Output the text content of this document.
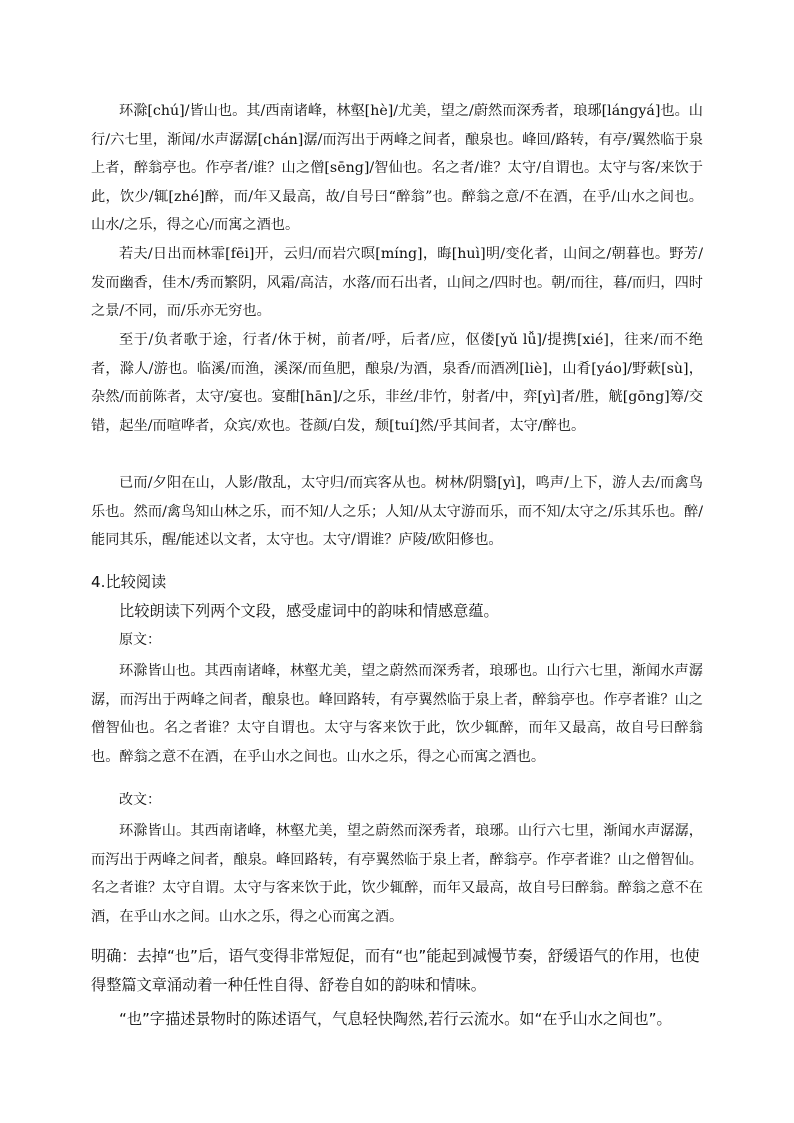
环滁[chú]/皆山也。其/西南诸峰，林壑[hè]/尤美，望之/蔚然而深秀者，琅琊[lángyá]也。山行/六七里，渐闻/水声潺潺[chán]潺/而泻出于两峰之间者，酿泉也。峰回/路转，有亭/翼然临于泉上者，醉翁亭也。作亭者/谁？山之僧[sēng]/智仙也。名之者/谁？太守/自谓也。太守与客/来饮于此，饮少/辄[zhé]醉，而/年又最高，故/自号曰“醉翁”也。醉翁之意/不在酒，在乎/山水之间也。山水/之乐，得之心/而寓之酒也。

若夫/日出而林霏[fēi]开，云归/而岩穴暝[míng]，晦[huì]明/变化者，山间之/朝暮也。野芳/发而幽香，佳木/秀而繁阴，风霜/高洁，水落/而石出者，山间之/四时也。朝/而往，暮/而归，四时之景/不同，而/乐亦无穷也。

至于/负者歌于途，行者/休于树，前者/呼，后者/应，伛偻[yǔ lǚ]/提携[xié]，往来/而不绝者，滁人/游也。临溪/而渔，溪深/而鱼肥，酿泉/为酒，泉香/而酒冽[liè]，山肴[yáo]/野蔌[sù]，杂然/而前陈者，太守/宴也。宴酣[hān]/之乐，非丝/非竹，射者/中，弈[yì]者/胜，觥[gōng]筹/交错，起坐/而喧哗者，众宾/欢也。苍颜/白发，颓[tuí]然/乎其间者，太守/醉也。

已而/夕阳在山，人影/散乱，太守归/而宾客从也。树林/阴翳[yì]，鸣声/上下，游人去/而禽鸟乐也。然而/禽鸟知山林之乐，而不知/人之乐；人知/从太守游而乐，而不知/太守之/乐其乐也。醉/能同其乐，醒/能述以文者，太守也。太守/谓谁？庐陵/欧阳修也。

4.比较阅读

比较朗读下列两个文段，感受虚词中的韵味和情感意蕴。

原文：

环滁皆山也。其西南诸峰，林壑尤美，望之蔚然而深秀者，琅琊也。山行六七里，渐闻水声潺潺，而泻出于两峰之间者，酿泉也。峰回路转，有亭翼然临于泉上者，醉翁亭也。作亭者谁？山之僧智仙也。名之者谁？太守自谓也。太守与客来饮于此，饮少辄醉，而年又最高，故自号曰醉翁也。醉翁之意不在酒，在乎山水之间也。山水之乐，得之心而寓之酒也。

改文：

环滁皆山。其西南诸峰，林壑尤美，望之蔚然而深秀者，琅琊。山行六七里，渐闻水声潺潺，而泻出于两峰之间者，酿泉。峰回路转，有亭翼然临于泉上者，醉翁亭。作亭者谁？山之僧智仙。名之者谁？太守自谓。太守与客来饮于此，饮少辄醉，而年又最高，故自号曰醉翁。醉翁之意不在酒，在乎山水之间。山水之乐，得之心而寓之酒。

明确：去掉“也”后，语气变得非常短促，而有“也”能起到减慢节奏，舒缓语气的作用，也使得整篇文章涌动着一种任性自得、舒卷自如的韵味和情味。

“也”字描述景物时的陈述语气，气息轻快陶然,若行云流水。如“在乎山水之间也”。
